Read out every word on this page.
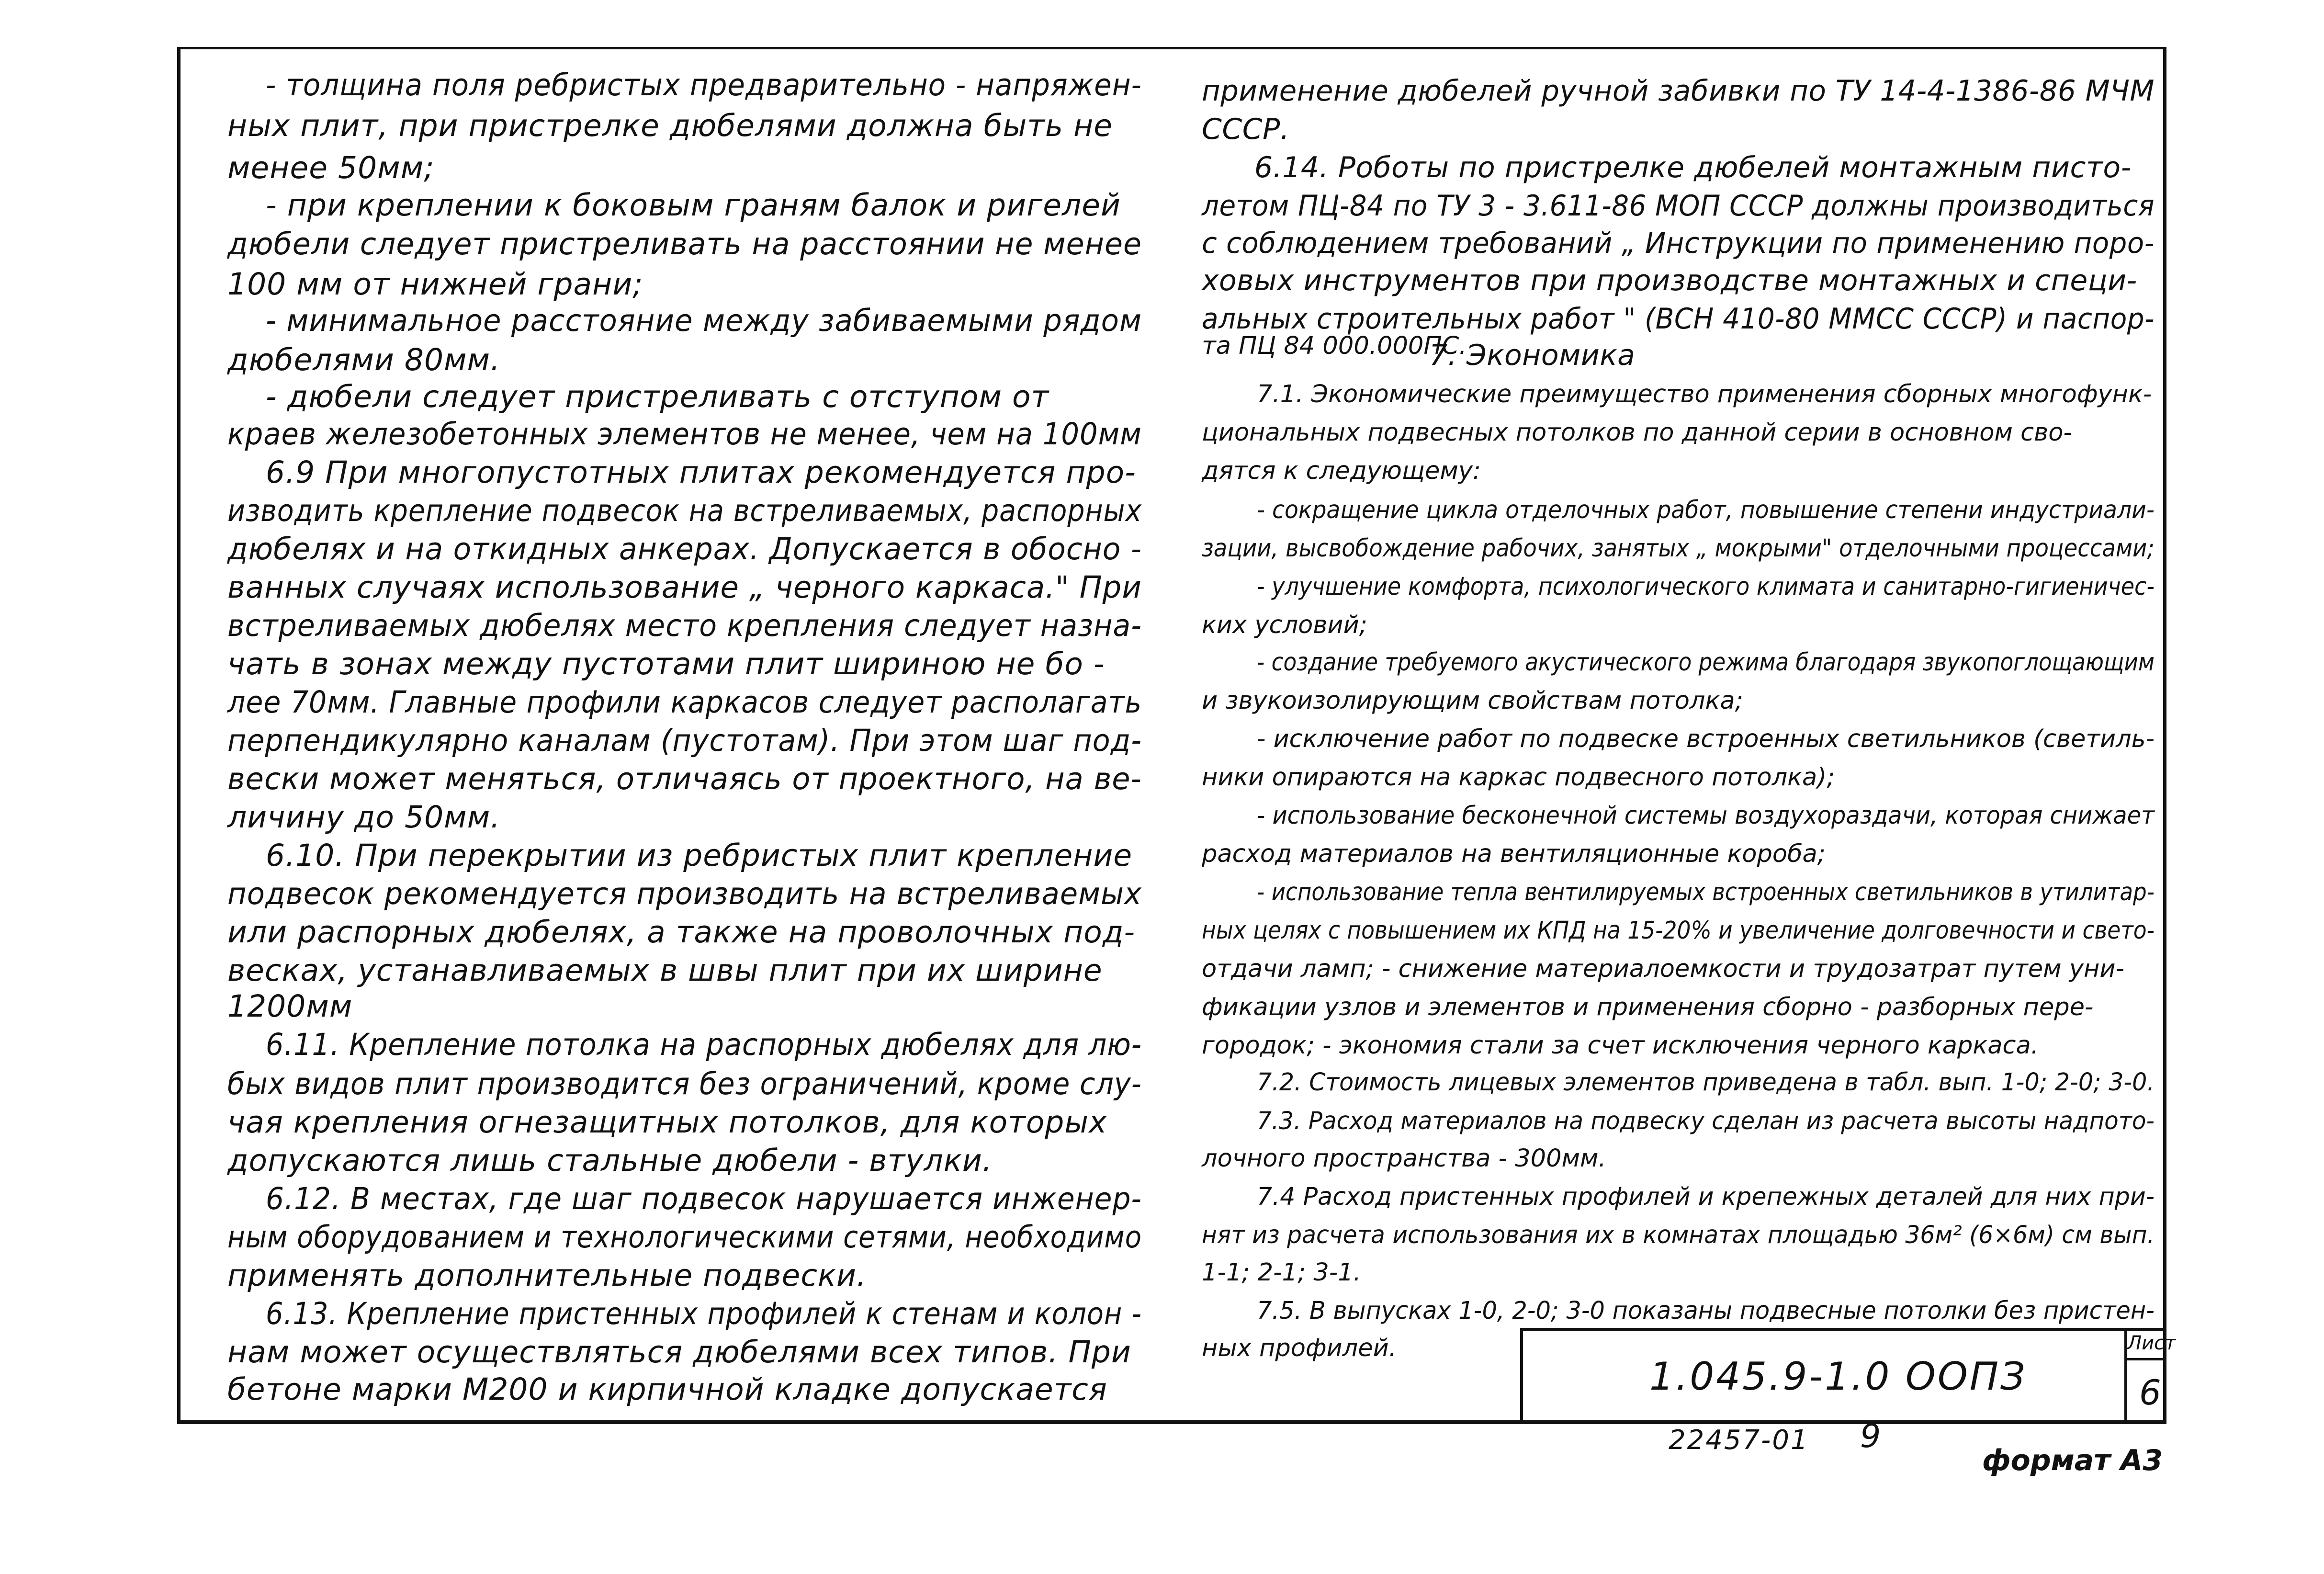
- толщина поля ребристых предварительно - напряжен-
ных плит, при пристрелке дюбелями должна быть не
менее 50мм;
- при креплении к боковым граням балок и ригелей
дюбели следует пристреливать на расстоянии не менее
100 мм от нижней грани;
- минимальное расстояние между забиваемыми рядом
дюбелями 80мм.
- дюбели следует пристреливать с отступом от
краев железобетонных элементов не менее, чем на 100мм
6.9 При многопустотных плитах рекомендуется про-
изводить крепление подвесок на встреливаемых, распорных
дюбелях и на откидных анкерах. Допускается в обосно -
ванных случаях использование „ черного каркаса." При
встреливаемых дюбелях место крепления следует назна-
чать в зонах между пустотами плит шириною не бо -
лее 70мм. Главные профили каркасов следует располагать
перпендикулярно каналам (пустотам). При этом шаг под-
вески может меняться, отличаясь от проектного, на ве-
личину до 50мм.
6.10. При перекрытии из ребристых плит крепление
подвесок рекомендуется производить на встреливаемых
или распорных дюбелях, а также на проволочных под-
весках, устанавливаемых в швы плит при их ширине
1200мм
6.11. Крепление потолка на распорных дюбелях для лю-
бых видов плит производится без ограничений, кроме слу-
чая крепления огнезащитных потолков, для которых
допускаются лишь стальные дюбели - втулки.
6.12. В местах, где шаг подвесок нарушается инженер-
ным оборудованием и технологическими сетями, необходимо
применять дополнительные подвески.
6.13. Крепление пристенных профилей к стенам и колон -
нам может осуществляться дюбелями всех типов. При
бетоне марки М200 и кирпичной кладке допускается
применение дюбелей ручной забивки по ТУ 14-4-1386-86 МЧМ
СССР.
6.14. Роботы по пристрелке дюбелей монтажным писто-
летом ПЦ-84 по ТУ 3 - 3.611-86 МОП СССР должны производиться
с соблюдением требований „ Инструкции по применению поро-
ховых инструментов при производстве монтажных и специ-
альных строительных работ " (ВСН 410-80 ММСС СССР) и паспор-
та ПЦ 84 000.000ПС.
7. Экономика
7.1. Экономические преимущество применения сборных многофунк-
циональных подвесных потолков по данной серии в основном сво-
дятся к следующему:
- сокращение цикла отделочных работ, повышение степени индустриали-
зации, высвобождение рабочих, занятых „ мокрыми" отделочными процессами;
- улучшение комфорта, психологического климата и санитарно-гигиеничес-
ких условий;
- создание требуемого акустического режима благодаря звукопоглощающим
и звукоизолирующим свойствам потолка;
- исключение работ по подвеске встроенных светильников (светиль-
ники опираются на каркас подвесного потолка);
- использование бесконечной системы воздухораздачи, которая снижает
расход материалов на вентиляционные короба;
- использование тепла вентилируемых встроенных светильников в утилитар-
ных целях с повышением их КПД на 15-20% и увеличение долговечности и свето-
отдачи ламп; - снижение материалоемкости и трудозатрат путем уни-
фикации узлов и элементов и применения сборно - разборных пере-
городок; - экономия стали за счет исключения черного каркаса.
7.2. Стоимость лицевых элементов приведена в табл. вып. 1-0; 2-0; 3-0.
7.3. Расход материалов на подвеску сделан из расчета высоты надпото-
лочного пространства - 300мм.
7.4 Расход пристенных профилей и крепежных деталей для них при-
нят из расчета использования их в комнатах площадью 36м² (6×6м) см вып.
1-1; 2-1; 3-1.
7.5. В выпусках 1-0, 2-0; 3-0 показаны подвесные потолки без пристен-
ных профилей.
1.045.9-1.0 ООПЗ
Лист
6
22457-01 9
формат А3
